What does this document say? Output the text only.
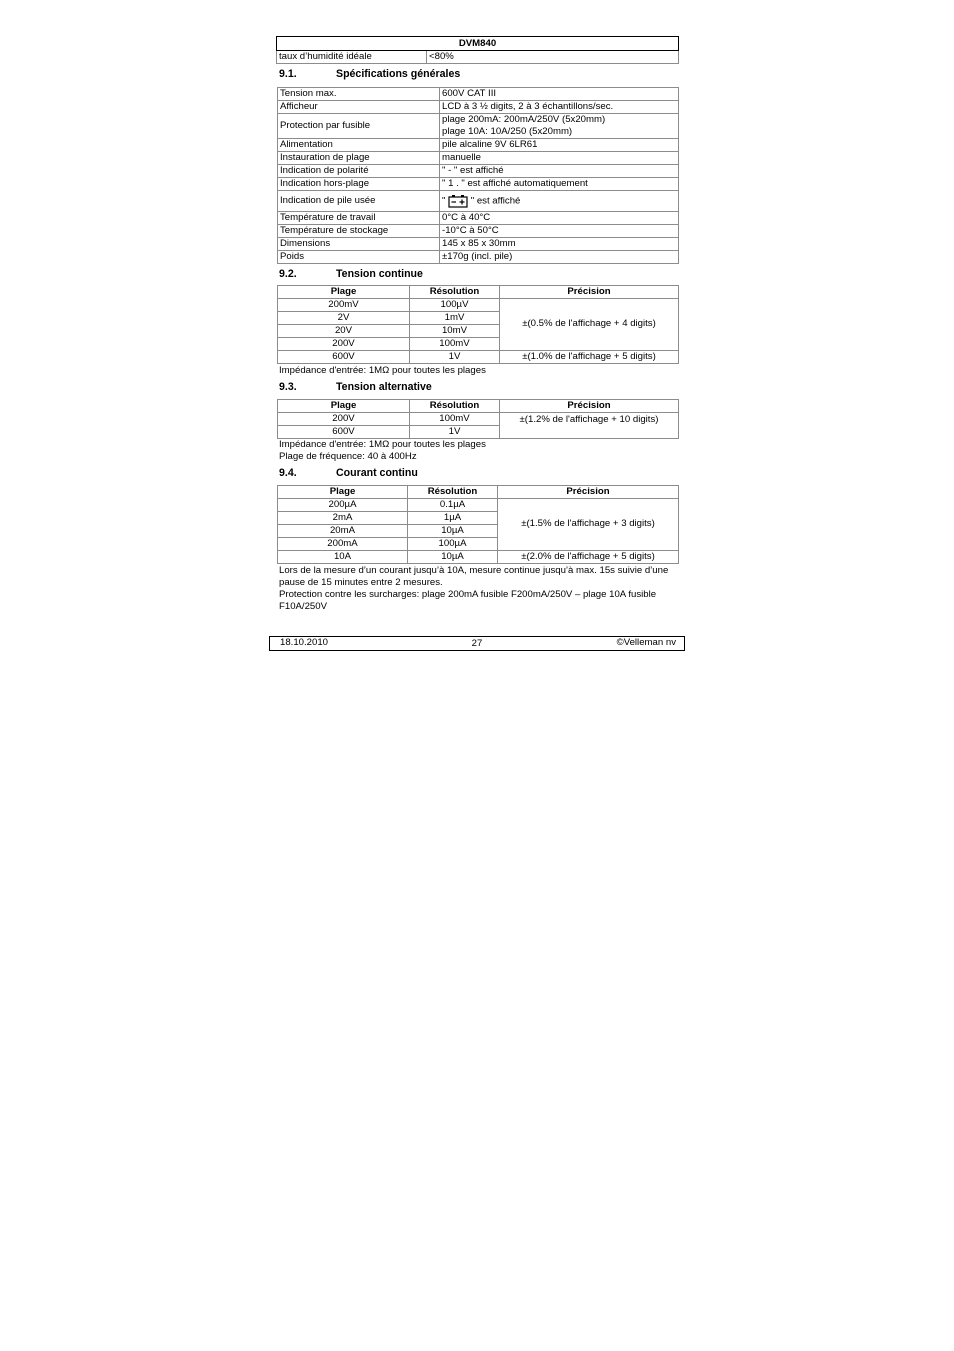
DVM840
taux d’humidité idéale	<80%
9.1.	Spécifications générales
Tension max.	600V CAT III
Afficheur	LCD à 3 ½ digits, 2 à 3 échantillons/sec.
Protection par fusible	plage 200mA: 200mA/250V (5x20mm)
plage 10A: 10A/250 (5x20mm)

Alimentation	pile alcaline 9V 6LR61
Instauration de plage	manuelle
Indication de polarité	" - " est affiché
Indication hors-plage	" 1 . " est affiché automatiquement
Indication de pile usée	" " est affiché
Température de travail	0°C à 40°C
Température de stockage	-10°C à 50°C
Dimensions	145 x 85 x 30mm
Poids	±170g (incl. pile)
9.2.	Tension continue
Plage	Résolution	Précision
200mV	100µV	±(0.5% de l'affichage + 4 digits)
2V	1mV	
20V	10mV	
200V	100mV	
600V	1V	±(1.0% de l'affichage + 5 digits)
Impédance d'entrée: 1MΩ pour toutes les plages
9.3.	Tension alternative
Plage	Résolution	Précision
200V	100mV	±(1.2% de l'affichage + 10 digits)
600V	1V	
Impédance d'entrée: 1MΩ pour toutes les plages
Plage de fréquence: 40 à 400Hz
9.4.	Courant continu
Plage	Résolution	Précision
200µA	0.1µA	±(1.5% de l'affichage + 3 digits)
2mA	1µA	
20mA	10µA	
200mA	100µA	
10A	10µA	±(2.0% de l'affichage + 5 digits)
Lors de la mesure d’un courant jusqu’à 10A, mesure continue jusqu’à max. 15s suivie d’une pause de 15 minutes entre 2 mesures.
Protection contre les surcharges: plage 200mA fusible F200mA/250V – plage 10A fusible F10A/250V
18.10.2010	27	©Velleman nv
